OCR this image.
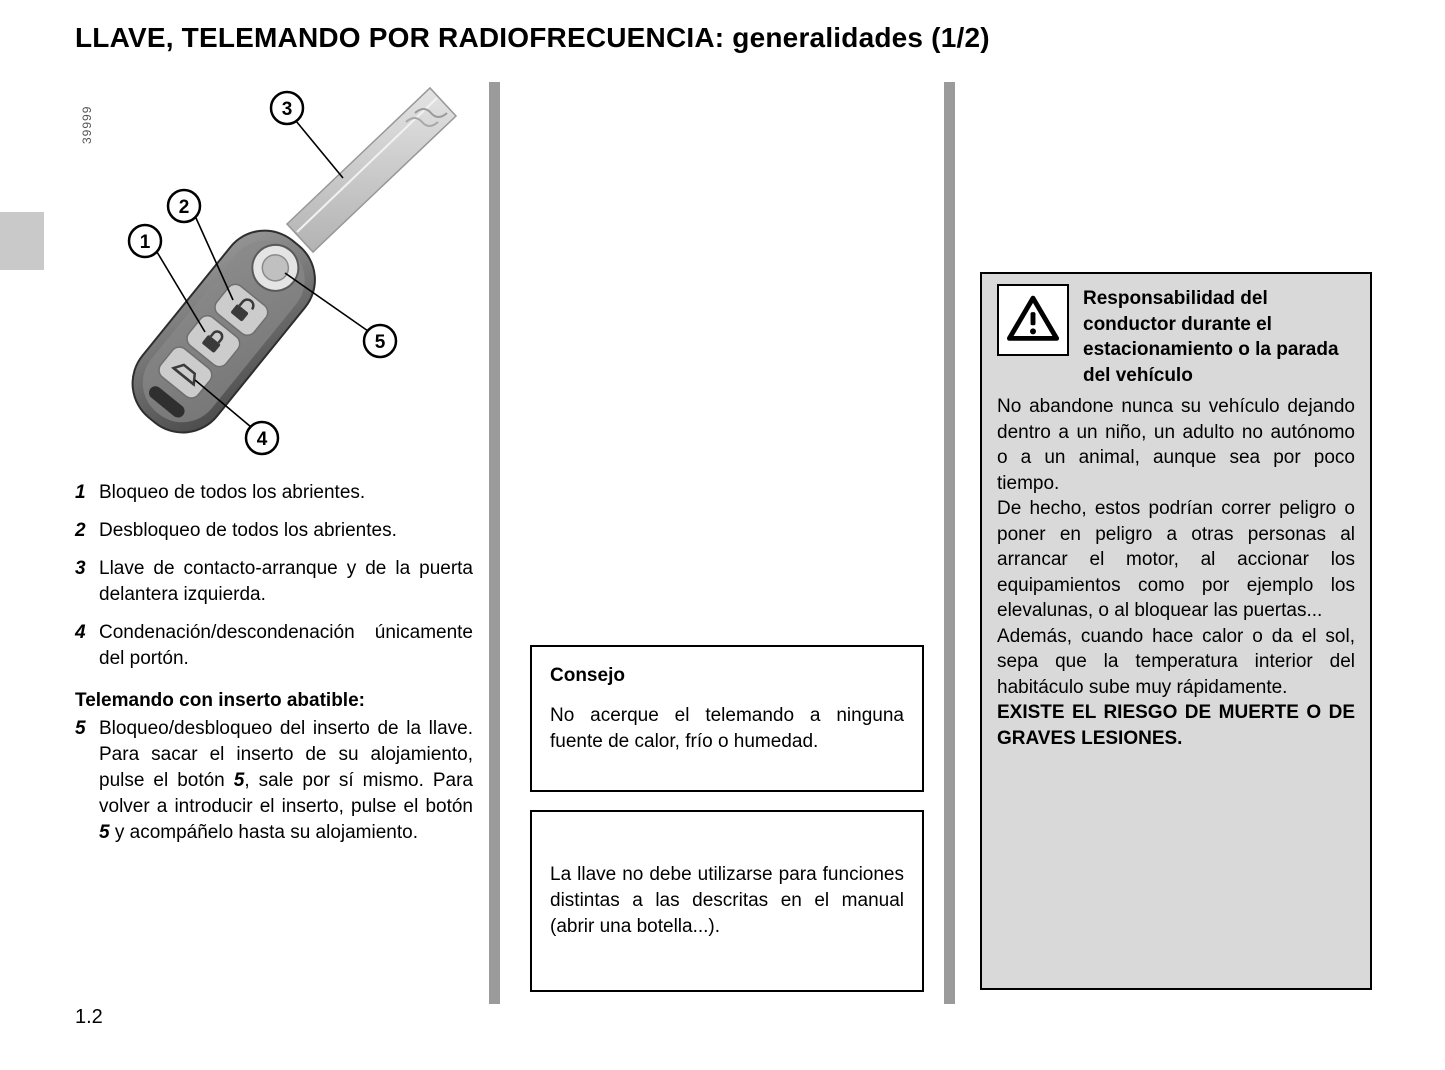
LLAVE, TELEMANDO POR RADIOFRECUENCIA: generalidades (1/2)
39999
1
2
3
4
5
1 Bloqueo de todos los abrientes.
2 Desbloqueo de todos los abrientes.
3 Llave de contacto-arranque y de la puerta delantera izquierda.
4 Condenación/descondenación únicamente del portón.
Telemando con inserto abatible:
5 Bloqueo/desbloqueo del inserto de la llave. Para sacar el inserto de su alojamiento, pulse el botón 5, sale por sí mismo. Para volver a introducir el inserto, pulse el botón 5 y acompáñelo hasta su alojamiento.
Consejo
No acerque el telemando a ninguna fuente de calor, frío o humedad.
La llave no debe utilizarse para funciones distintas a las descritas en el manual (abrir una botella...).
Responsabilidad del conductor durante el estacionamiento o la parada del vehículo

No abandone nunca su vehículo dejando dentro a un niño, un adulto no autónomo o a un animal, aunque sea por poco tiempo.

De hecho, estos podrían correr peligro o poner en peligro a otras personas al arrancar el motor, al accionar los equipamientos como por ejemplo los elevalunas, o al bloquear las puertas...

Además, cuando hace calor o da el sol, sepa que la temperatura interior del habitáculo sube muy rápidamente.

EXISTE EL RIESGO DE MUERTE O DE GRAVES LESIONES.
1.2
